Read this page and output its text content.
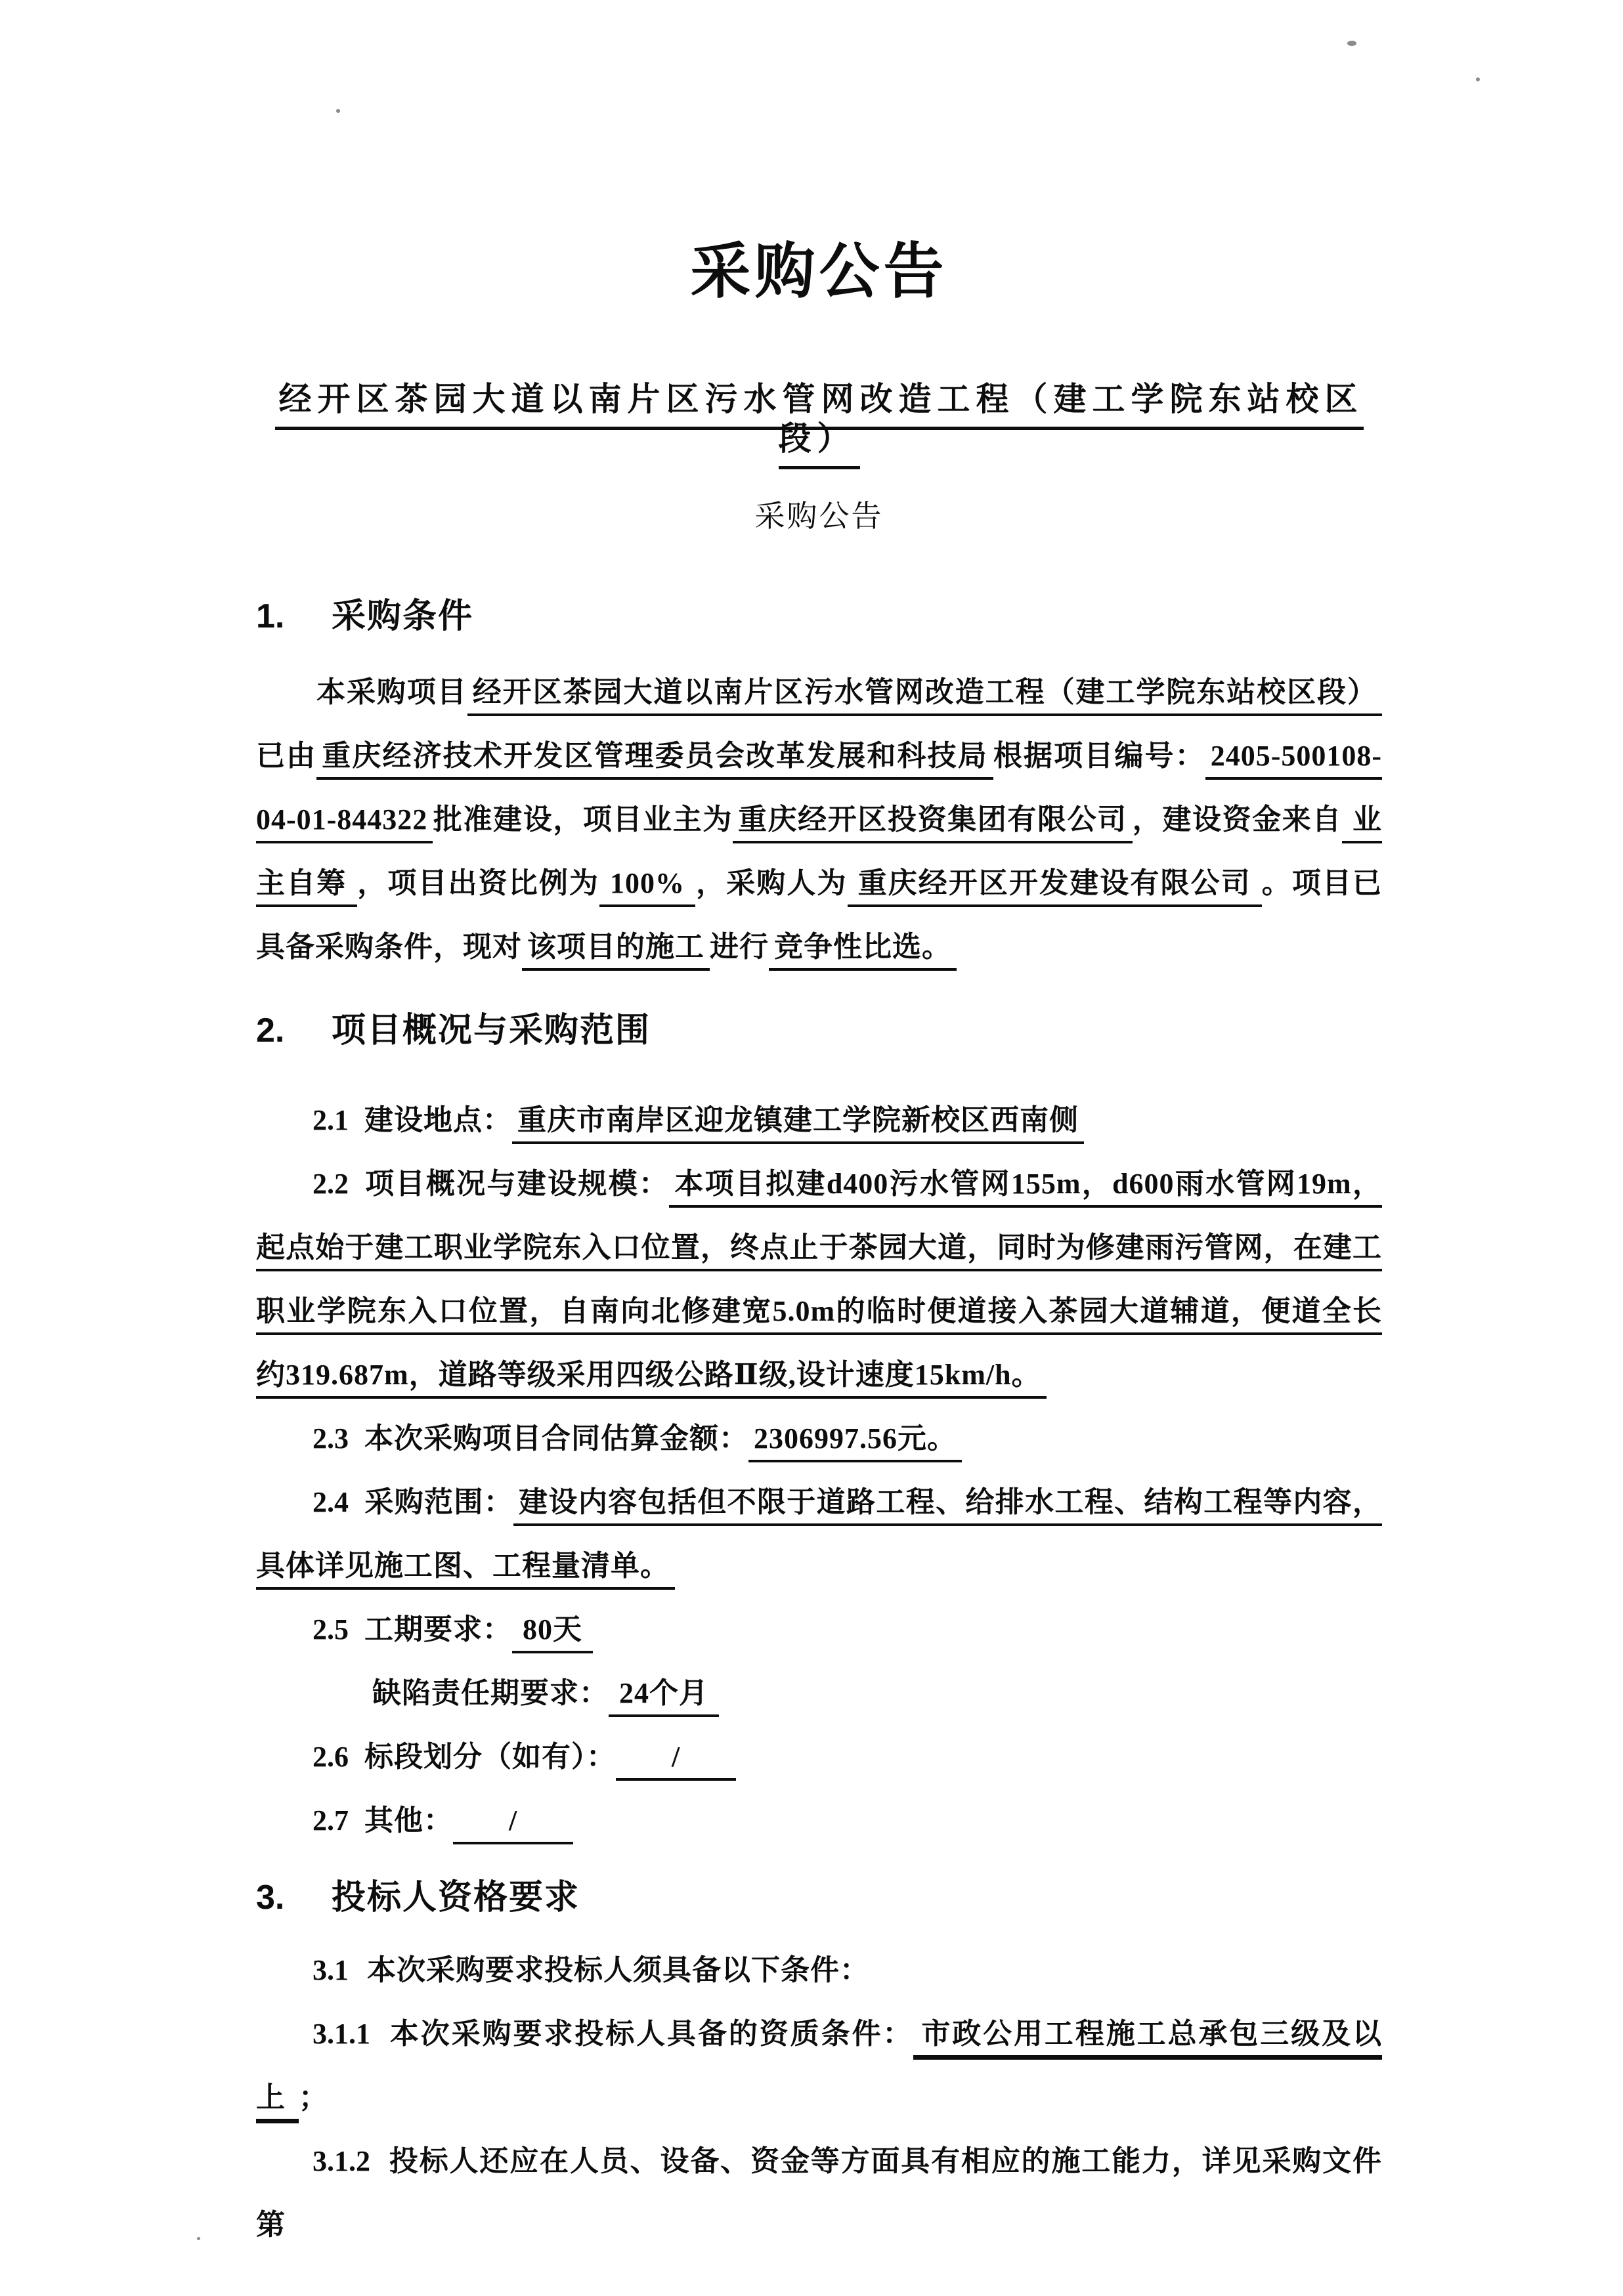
采购公告
经开区茶园大道以南片区污水管网改造工程（建工学院东站校区段）
采购公告
1. 采购条件

本采购项目 经开区茶园大道以南片区污水管网改造工程（建工学院东站校区段）已由 重庆经济技术开发区管理委员会改革发展和科技局 根据项目编号： 2405-500108-04-01-844322 批准建设，项目业主为 重庆经开区投资集团有限公司 ，建设资金来自 业主自筹 ，项目出资比例为 100% ，采购人为 重庆经开区开发建设有限公司 。项目已具备采购条件，现对 该项目的施工 进行 竞争性比选。

2. 项目概况与采购范围

2.1 建设地点： 重庆市南岸区迎龙镇建工学院新校区西南侧

2.2 项目概况与建设规模： 本项目拟建d400污水管网155m，d600雨水管网19m，起点始于建工职业学院东入口位置，终点止于茶园大道，同时为修建雨污管网，在建工职业学院东入口位置，自南向北修建宽5.0m的临时便道接入茶园大道辅道，便道全长约319.687m，道路等级采用四级公路Ⅱ级,设计速度15km/h。

2.3 本次采购项目合同估算金额： 2306997.56元。

2.4 采购范围： 建设内容包括但不限于道路工程、给排水工程、结构工程等内容，具体详见施工图、工程量清单。

2.5 工期要求： 80天

缺陷责任期要求： 24个月

2.6 标段划分（如有）： /

2.7 其他： /

3. 投标人资格要求

3.1 本次采购要求投标人须具备以下条件：

3.1.1 本次采购要求投标人具备的资质条件： 市政公用工程施工总承包三级及以上 ；

3.1.2 投标人还应在人员、设备、资金等方面具有相应的施工能力，详见采购文件第
